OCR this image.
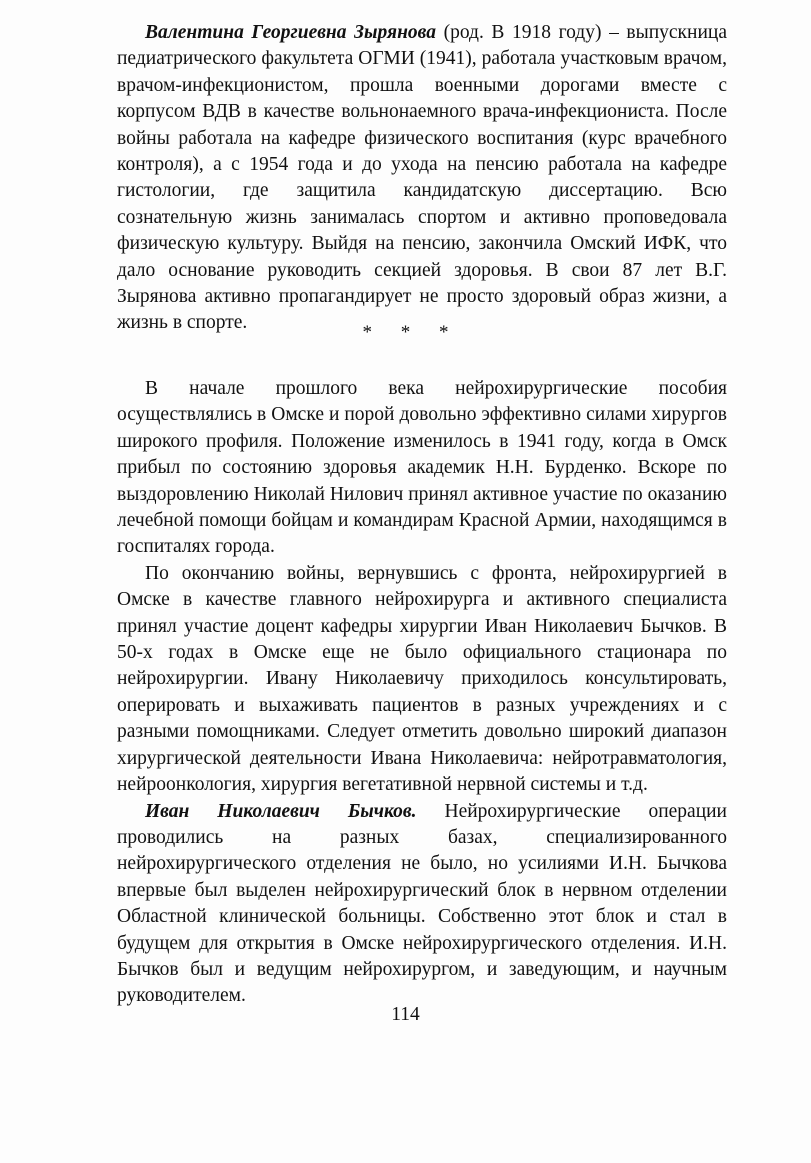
Валентина Георгиевна Зырянова (род. В 1918 году) – выпускница педиатрического факультета ОГМИ (1941), работала участковым врачом, врачом-инфекционистом, прошла военными дорогами вместе с корпусом ВДВ в качестве вольнонаемного врача-инфекциониста. После войны работала на кафедре физического воспитания (курс врачебного контроля), а с 1954 года и до ухода на пенсию работала на кафедре гистологии, где защитила кандидатскую диссертацию. Всю сознательную жизнь занималась спортом и активно проповедовала физическую культуру. Выйдя на пенсию, закончила Омский ИФК, что дало основание руководить секцией здоровья. В свои 87 лет В.Г. Зырянова активно пропагандирует не просто здоровый образ жизни, а жизнь в спорте.	* * *

В начале прошлого века нейрохирургические пособия осуществлялись в Омске и порой довольно эффективно силами хирургов широкого профиля. Положение изменилось в 1941 году, когда в Омск прибыл по состоянию здоровья академик Н.Н. Бурденко. Вскоре по выздоровлению Николай Нилович принял активное участие по оказанию лечебной помощи бойцам и командирам Красной Армии, находящимся в госпиталях города.

По окончанию войны, вернувшись с фронта, нейрохирургией в Омске в качестве главного нейрохирурга и активного специалиста принял участие доцент кафедры хирургии Иван Николаевич Бычков. В 50-х годах в Омске еще не было официального стационара по нейрохирургии. Ивану Николаевичу приходилось консультировать, оперировать и выхаживать пациентов в разных учреждениях и с разными помощниками. Следует отметить довольно широкий диапазон хирургической деятельности Ивана Николаевича: нейротравматология, нейроонкология, хирургия вегетативной нервной системы и т.д.

Иван Николаевич Бычков. Нейрохирургические операции проводились на разных базах, специализированного нейрохирургического отделения не было, но усилиями И.Н. Бычкова впервые был выделен нейрохирургический блок в нервном отделении Областной клинической больницы. Собственно этот блок и стал в будущем для открытия в Омске нейрохирургического отделения. И.Н. Бычков был и ведущим нейрохирургом, и заведующим, и научным руководителем.

114
